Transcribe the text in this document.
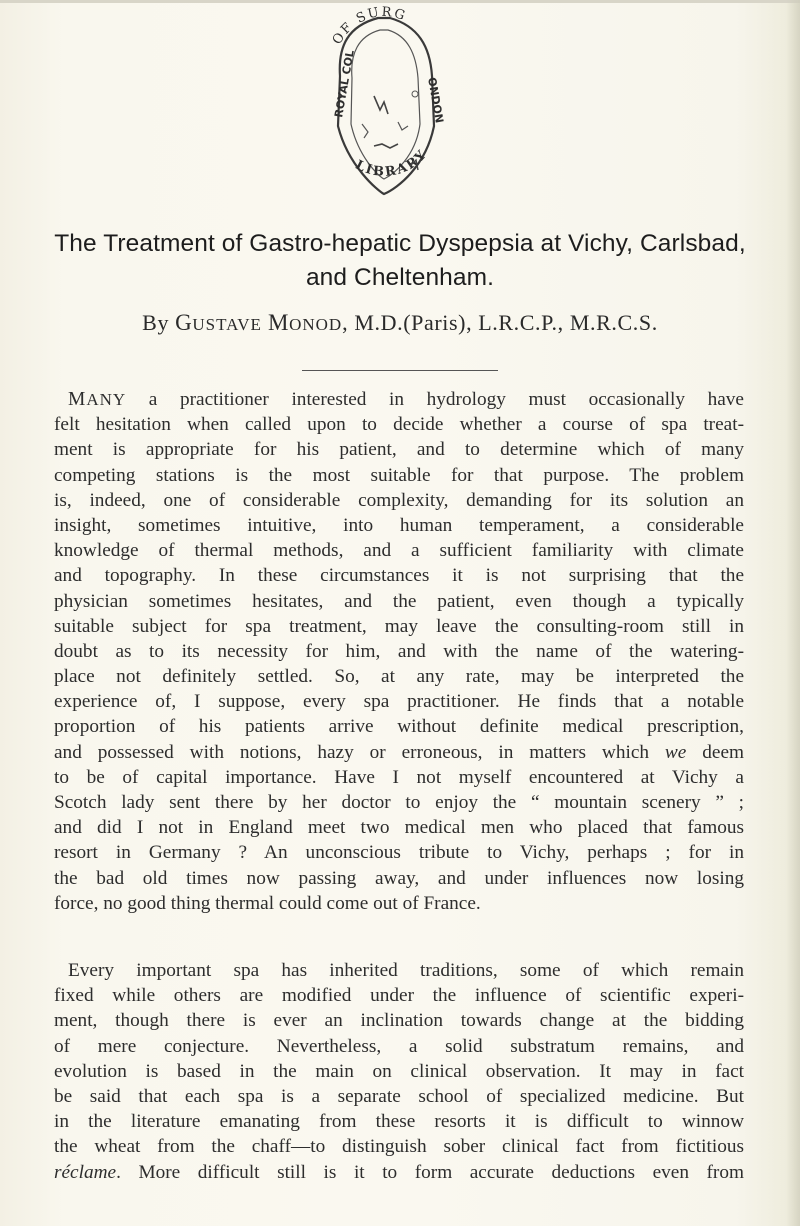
OF SURG
ROYAL COL	ONDON
LIBRARY
The Treatment of Gastro-hepatic Dyspepsia at Vichy, Carlsbad,
and Cheltenham.
By GUSTAVE MONOD, M.D.(Paris), L.R.C.P., M.R.C.S.
MANY a practitioner interested in hydrology must occasionally have
felt hesitation when called upon to decide whether a course of spa treat-
ment is appropriate for his patient, and to determine which of many
competing stations is the most suitable for that purpose. The problem
is, indeed, one of considerable complexity, demanding for its solution an
insight, sometimes intuitive, into human temperament, a considerable
knowledge of thermal methods, and a sufficient familiarity with climate
and topography. In these circumstances it is not surprising that the
physician sometimes hesitates, and the patient, even though a typically
suitable subject for spa treatment, may leave the consulting-room still in
doubt as to its necessity for him, and with the name of the watering-
place not definitely settled. So, at any rate, may be interpreted the
experience of, I suppose, every spa practitioner. He finds that a notable
proportion of his patients arrive without definite medical prescription,
and possessed with notions, hazy or erroneous, in matters which we deem
to be of capital importance. Have I not myself encountered at Vichy a
Scotch lady sent there by her doctor to enjoy the “ mountain scenery ” ;
and did I not in England meet two medical men who placed that famous
resort in Germany ? An unconscious tribute to Vichy, perhaps ; for in
the bad old times now passing away, and under influences now losing
force, no good thing thermal could come out of France.
Every important spa has inherited traditions, some of which remain
fixed while others are modified under the influence of scientific experi-
ment, though there is ever an inclination towards change at the bidding
of mere conjecture. Nevertheless, a solid substratum remains, and
evolution is based in the main on clinical observation. It may in fact
be said that each spa is a separate school of specialized medicine. But
in the literature emanating from these resorts it is difficult to winnow
the wheat from the chaff—to distinguish sober clinical fact from fictitious
réclame. More difficult still is it to form accurate deductions even from
